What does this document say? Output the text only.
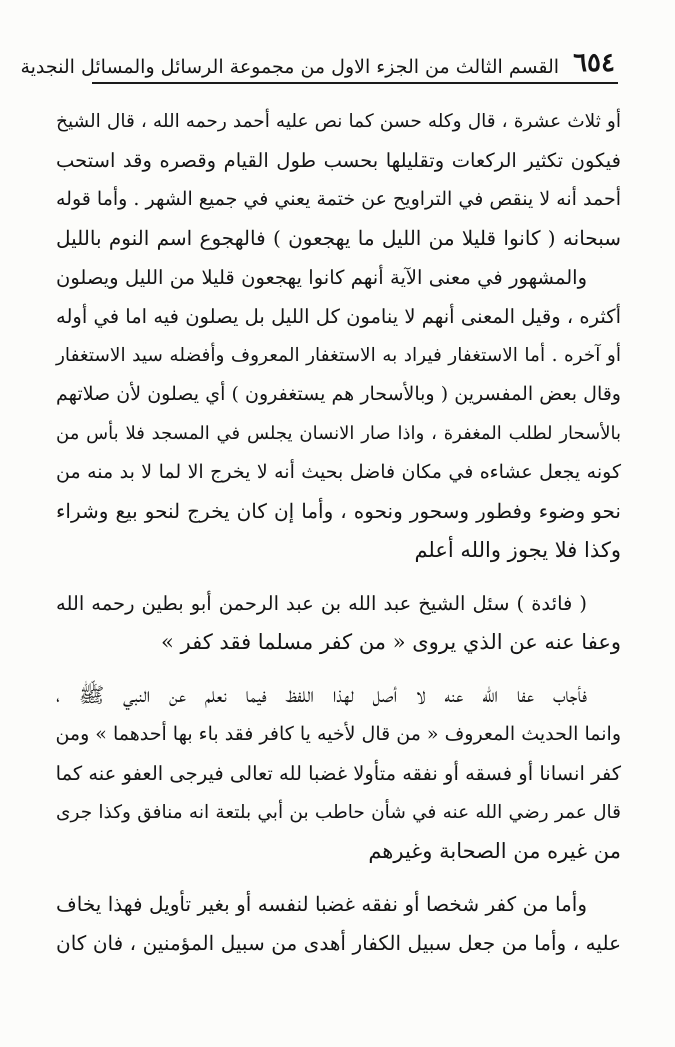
٦٥٤
القسم الثالث من الجزء الاول من مجموعة الرسائل والمسائل النجدية
أو ثلاث عشرة ، قال وكله حسن كما نص عليه أحمد رحمه الله ، قال الشيخ
فيكون تكثير الركعات وتقليلها بحسب طول القيام وقصره وقد استحب
أحمد أنه لا ينقص في التراويح عن ختمة يعني في جميع الشهر . وأما قوله
سبحانه ( كانوا قليلا من الليل ما يهجعون ) فالهجوع اسم النوم بالليل
والمشهور في معنى الآية أنهم كانوا يهجعون قليلا من الليل ويصلون
أكثره ، وقيل المعنى أنهم لا ينامون كل الليل بل يصلون فيه اما في أوله
أو آخره . أما الاستغفار فيراد به الاستغفار المعروف وأفضله سيد الاستغفار
وقال بعض المفسرين ( وبالأسحار هم يستغفرون ) أي يصلون لأن صلاتهم
بالأسحار لطلب المغفرة ، واذا صار الانسان يجلس في المسجد فلا بأس من
كونه يجعل عشاءه في مكان فاضل بحيث أنه لا يخرج الا لما لا بد منه من
نحو وضوء وفطور وسحور ونحوه ، وأما إن كان يخرج لنحو بيع وشراء
وكذا فلا يجوز والله أعلم
( فائدة ) سئل الشيخ عبد الله بن عبد الرحمن أبو بطين رحمه الله
وعفا عنه عن الذي يروى « من كفر مسلما فقد كفر »
فأجاب عفا الله عنه لا أصل لهذا اللفظ فيما نعلم عن النبي ﷺ ،
وانما الحديث المعروف « من قال لأخيه يا كافر فقد باء بها أحدهما » ومن
كفر انسانا أو فسقه أو نفقه متأولا غضبا لله تعالى فيرجى العفو عنه كما
قال عمر رضي الله عنه في شأن حاطب بن أبي بلتعة انه منافق وكذا جرى
من غيره من الصحابة وغيرهم
وأما من كفر شخصا أو نفقه غضبا لنفسه أو بغير تأويل فهذا يخاف
عليه ، وأما من جعل سبيل الكفار أهدى من سبيل المؤمنين ، فان كان
